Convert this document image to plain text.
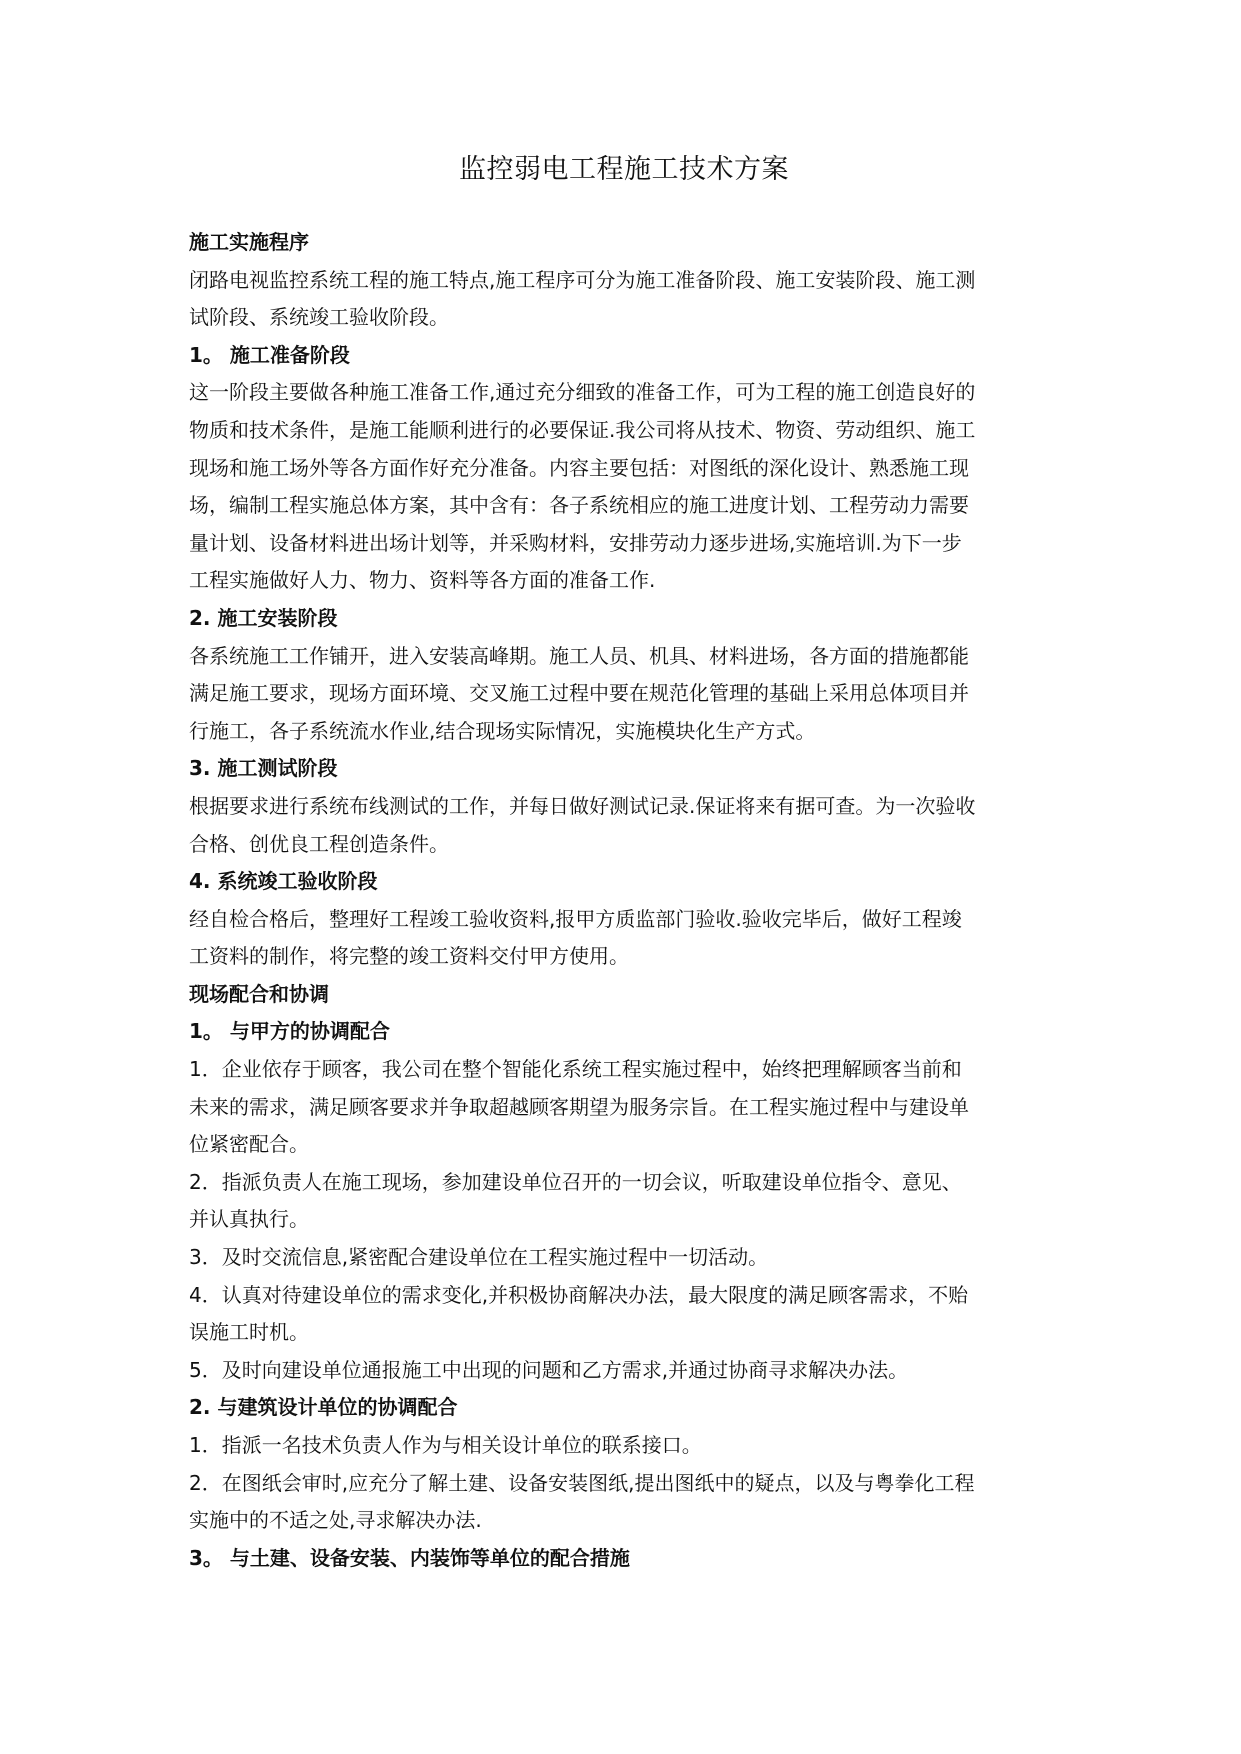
监控弱电工程施工技术方案

施工实施程序

闭路电视监控系统工程的施工特点,施工程序可分为施工准备阶段、施工安装阶段、施工测

试阶段、系统竣工验收阶段。

1。 施工准备阶段

这一阶段主要做各种施工准备工作,通过充分细致的准备工作，可为工程的施工创造良好的

物质和技术条件，是施工能顺利进行的必要保证.我公司将从技术、物资、劳动组织、施工

现场和施工场外等各方面作好充分准备。内容主要包括：对图纸的深化设计、熟悉施工现

场，编制工程实施总体方案，其中含有：各子系统相应的施工进度计划、工程劳动力需要

量计划、设备材料进出场计划等，并采购材料，安排劳动力逐步进场,实施培训.为下一步

工程实施做好人力、物力、资料等各方面的准备工作.

2. 施工安装阶段

各系统施工工作铺开，进入安装高峰期。施工人员、机具、材料进场，各方面的措施都能

满足施工要求，现场方面环境、交叉施工过程中要在规范化管理的基础上采用总体项目并

行施工，各子系统流水作业,结合现场实际情况，实施模块化生产方式。

3. 施工测试阶段

根据要求进行系统布线测试的工作，并每日做好测试记录.保证将来有据可查。为一次验收

合格、创优良工程创造条件。

4. 系统竣工验收阶段

经自检合格后，整理好工程竣工验收资料,报甲方质监部门验收.验收完毕后，做好工程竣

工资料的制作，将完整的竣工资料交付甲方使用。

现场配合和协调

1。 与甲方的协调配合

1．企业依存于顾客，我公司在整个智能化系统工程实施过程中，始终把理解顾客当前和

未来的需求，满足顾客要求并争取超越顾客期望为服务宗旨。在工程实施过程中与建设单

位紧密配合。

2．指派负责人在施工现场，参加建设单位召开的一切会议，听取建设单位指令、意见、

并认真执行。

3．及时交流信息,紧密配合建设单位在工程实施过程中一切活动。

4．认真对待建设单位的需求变化,并积极协商解决办法，最大限度的满足顾客需求，不贻

误施工时机。

5．及时向建设单位通报施工中出现的问题和乙方需求,并通过协商寻求解决办法。

2. 与建筑设计单位的协调配合

1．指派一名技术负责人作为与相关设计单位的联系接口。

2．在图纸会审时,应充分了解土建、设备安装图纸,提出图纸中的疑点，以及与粤拳化工程

实施中的不适之处,寻求解决办法.

3。 与土建、设备安装、内装饰等单位的配合措施
